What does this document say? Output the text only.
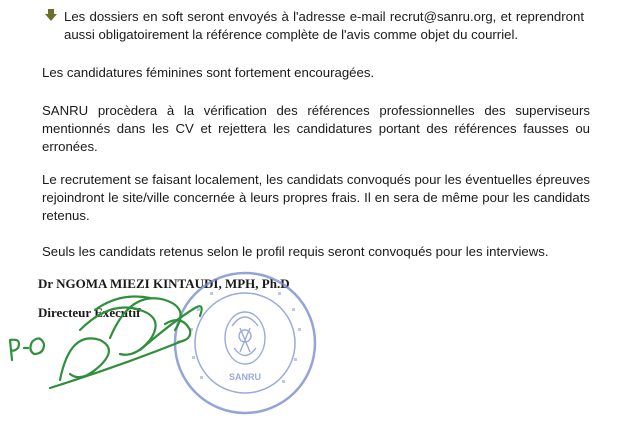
Les dossiers en soft seront envoyés à l'adresse e-mail recrut@sanru.org, et reprendront aussi obligatoirement la référence complète de l'avis comme objet du courriel.

Les candidatures féminines sont fortement encouragées.

SANRU procèdera à la vérification des références professionnelles des superviseurs mentionnés dans les CV et rejettera les candidatures portant des références fausses ou erronées.

Le recrutement se faisant localement, les candidats convoqués pour les éventuelles épreuves rejoindront le site/ville concernée à leurs propres frais. Il en sera de même pour les candidats retenus.

Seuls les candidats retenus selon le profil requis seront convoqués pour les interviews.

Dr NGOMA MIEZI KINTAUDI, MPH, Ph.D
Directeur Exécutif
SANRU
